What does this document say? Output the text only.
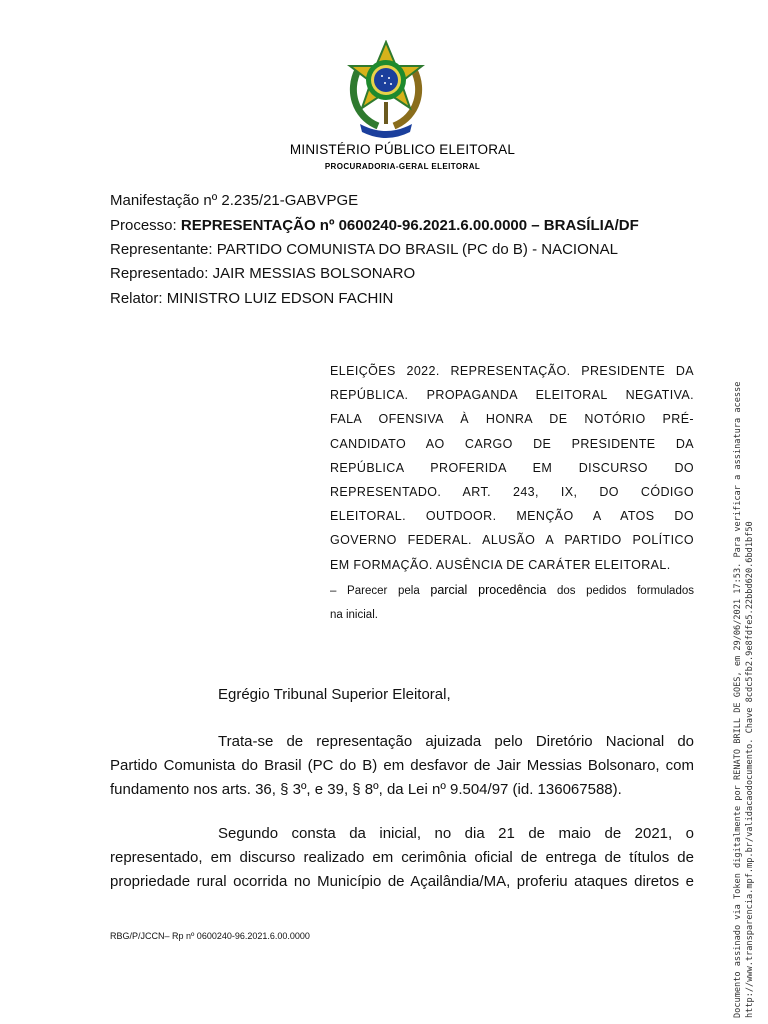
MINISTÉRIO PÚBLICO ELEITORAL
PROCURADORIA-GERAL ELEITORAL
Manifestação nº 2.235/21-GABVPGE
Processo: REPRESENTAÇÃO nº 0600240-96.2021.6.00.0000 – BRASÍLIA/DF
Representante: PARTIDO COMUNISTA DO BRASIL (PC do B) - NACIONAL
Representado: JAIR MESSIAS BOLSONARO
Relator: MINISTRO LUIZ EDSON FACHIN
ELEIÇÕES 2022. REPRESENTAÇÃO. PRESIDENTE DA
REPÚBLICA. PROPAGANDA ELEITORAL NEGATIVA.
FALA OFENSIVA À HONRA DE NOTÓRIO PRÉ-
CANDIDATO AO CARGO DE PRESIDENTE DA
REPÚBLICA PROFERIDA EM DISCURSO DO
REPRESENTADO. ART. 243, IX, DO CÓDIGO
ELEITORAL. OUTDOOR. MENÇÃO A ATOS DO
GOVERNO FEDERAL. ALUSÃO A PARTIDO POLÍTICO
EM FORMAÇÃO. AUSÊNCIA DE CARÁTER ELEITORAL.
– Parecer pela parcial procedência dos pedidos formulados
na inicial.
Egrégio Tribunal Superior Eleitoral,
Trata-se de representação ajuizada pelo Diretório Nacional do
Partido Comunista do Brasil (PC do B) em desfavor de Jair Messias Bolsonaro, com
fundamento nos arts. 36, § 3º, e 39, § 8º, da Lei nº 9.504/97 (id. 136067588).
Segundo consta da inicial, no dia 21 de maio de 2021, o
representado, em discurso realizado em cerimônia oficial de entrega de títulos de
propriedade rural ocorrida no Município de Açailândia/MA, proferiu ataques diretos e
RBG/P/JCCN– Rp nº 0600240-96.2021.6.00.0000	Documento assinado via Token digitalmente por RENATO BRILL DE GOES, em 29/06/2021 17:53. Para verificar a assinatura acesse http://www.transparencia.mpf.mp.br/validacaodocumento. Chave 8cdc5fb2.9e8fdfe5.22bbd620.6bd1bf50
